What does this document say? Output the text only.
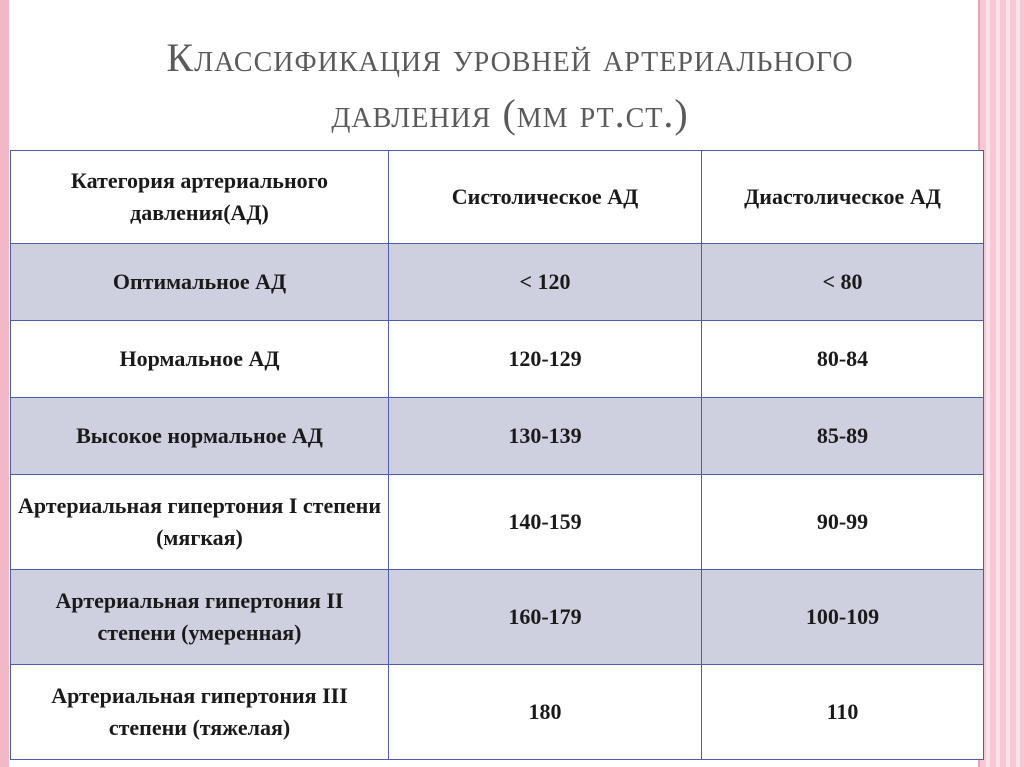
Классификация уровней артериального
давления (мм рт.ст.)
Категория артериального давления(АД)	Систолическое АД	Диастолическое АД
Оптимальное АД	< 120	< 80
Нормальное АД	120-129	80-84
Высокое нормальное АД	130-139	85-89
Артериальная гипертония I степени (мягкая)	140-159	90-99
Артериальная гипертония II степени (умеренная)	160-179	100-109
Артериальная гипертония III степени (тяжелая)	180	110
